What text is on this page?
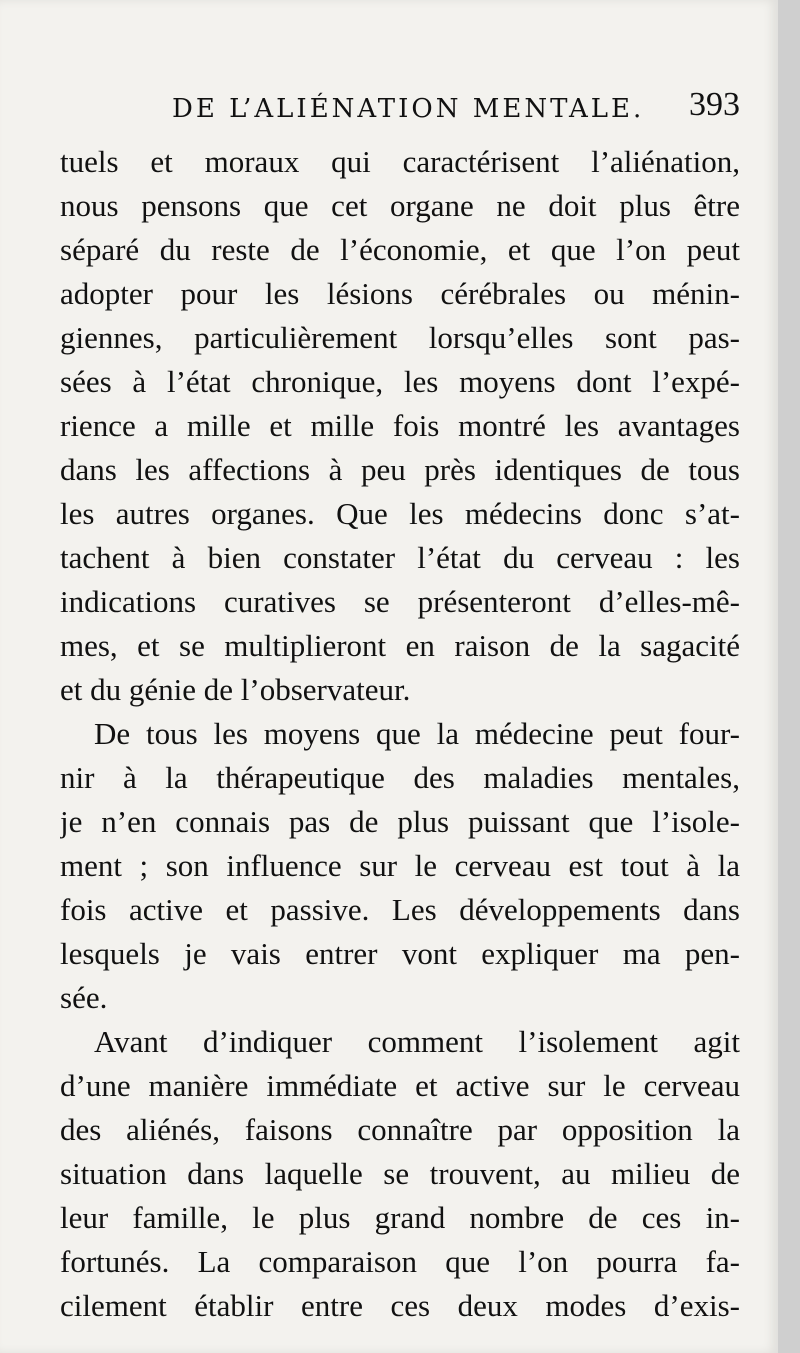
DE L’ALIÉNATION MENTALE. 393
tuels et moraux qui caractérisent l’aliénation,
nous pensons que cet organe ne doit plus être
séparé du reste de l’économie, et que l’on peut
adopter pour les lésions cérébrales ou ménin-
giennes, particulièrement lorsqu’elles sont pas-
sées à l’état chronique, les moyens dont l’expé-
rience a mille et mille fois montré les avantages
dans les affections à peu près identiques de tous
les autres organes. Que les médecins donc s’at-
tachent à bien constater l’état du cerveau : les
indications curatives se présenteront d’elles-mê-
mes, et se multiplieront en raison de la sagacité
et du génie de l’observateur.
De tous les moyens que la médecine peut four-
nir à la thérapeutique des maladies mentales,
je n’en connais pas de plus puissant que l’isole-
ment ; son influence sur le cerveau est tout à la
fois active et passive. Les développements dans
lesquels je vais entrer vont expliquer ma pen-
sée.
Avant d’indiquer comment l’isolement agit
d’une manière immédiate et active sur le cerveau
des aliénés, faisons connaître par opposition la
situation dans laquelle se trouvent, au milieu de
leur famille, le plus grand nombre de ces in-
fortunés. La comparaison que l’on pourra fa-
cilement établir entre ces deux modes d’exis-
